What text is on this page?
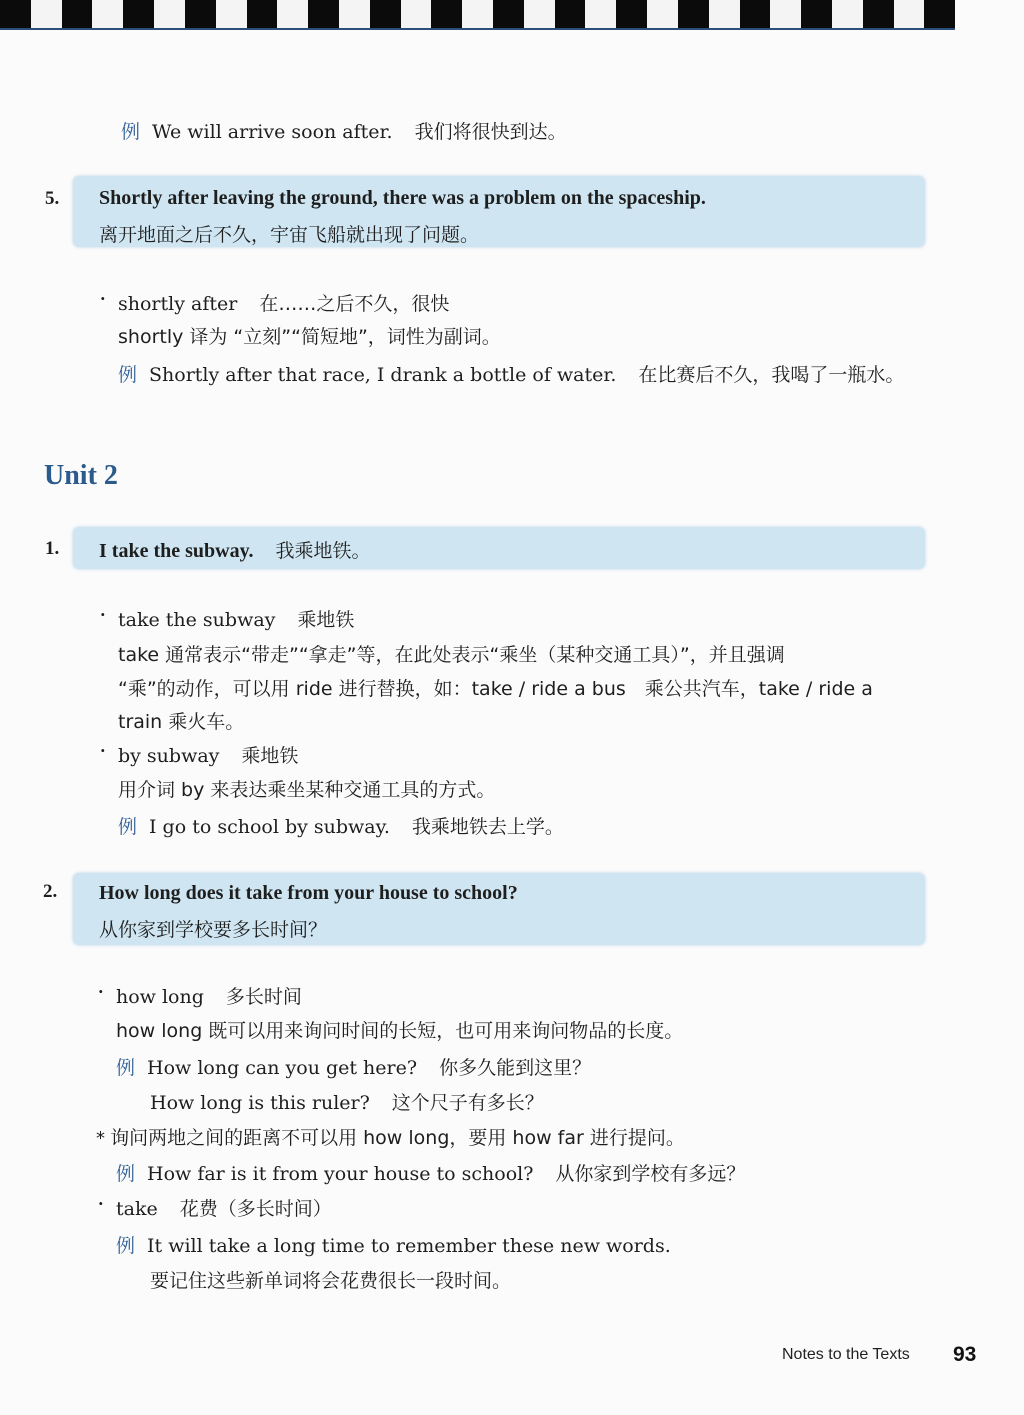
例 We will arrive soon after. 我们将很快到达。
5. Shortly after leaving the ground, there was a problem on the spaceship.
离开地面之后不久，宇宙飞船就出现了问题。
· shortly after 在……之后不久，很快
shortly 译为 “立刻”“简短地”，词性为副词。
例 Shortly after that race, I drank a bottle of water. 在比赛后不久，我喝了一瓶水。
Unit 2
1. I take the subway. 我乘地铁。
· take the subway 乘地铁
take 通常表示“带走”“拿走”等，在此处表示“乘坐（某种交通工具）”，并且强调
“乘”的动作，可以用 ride 进行替换，如：take / ride a bus　乘公共汽车，take / ride a
train 乘火车。
· by subway 乘地铁
用介词 by 来表达乘坐某种交通工具的方式。
例 I go to school by subway. 我乘地铁去上学。
2. How long does it take from your house to school?
从你家到学校要多长时间？
· how long 多长时间
how long 既可以用来询问时间的长短，也可用来询问物品的长度。
例 How long can you get here? 你多久能到这里？
How long is this ruler? 这个尺子有多长？
* 询问两地之间的距离不可以用 how long，要用 how far 进行提问。
例 How far is it from your house to school? 从你家到学校有多远？
· take 花费（多长时间）
例 It will take a long time to remember these new words.
要记住这些新单词将会花费很长一段时间。
Notes to the Texts 93
